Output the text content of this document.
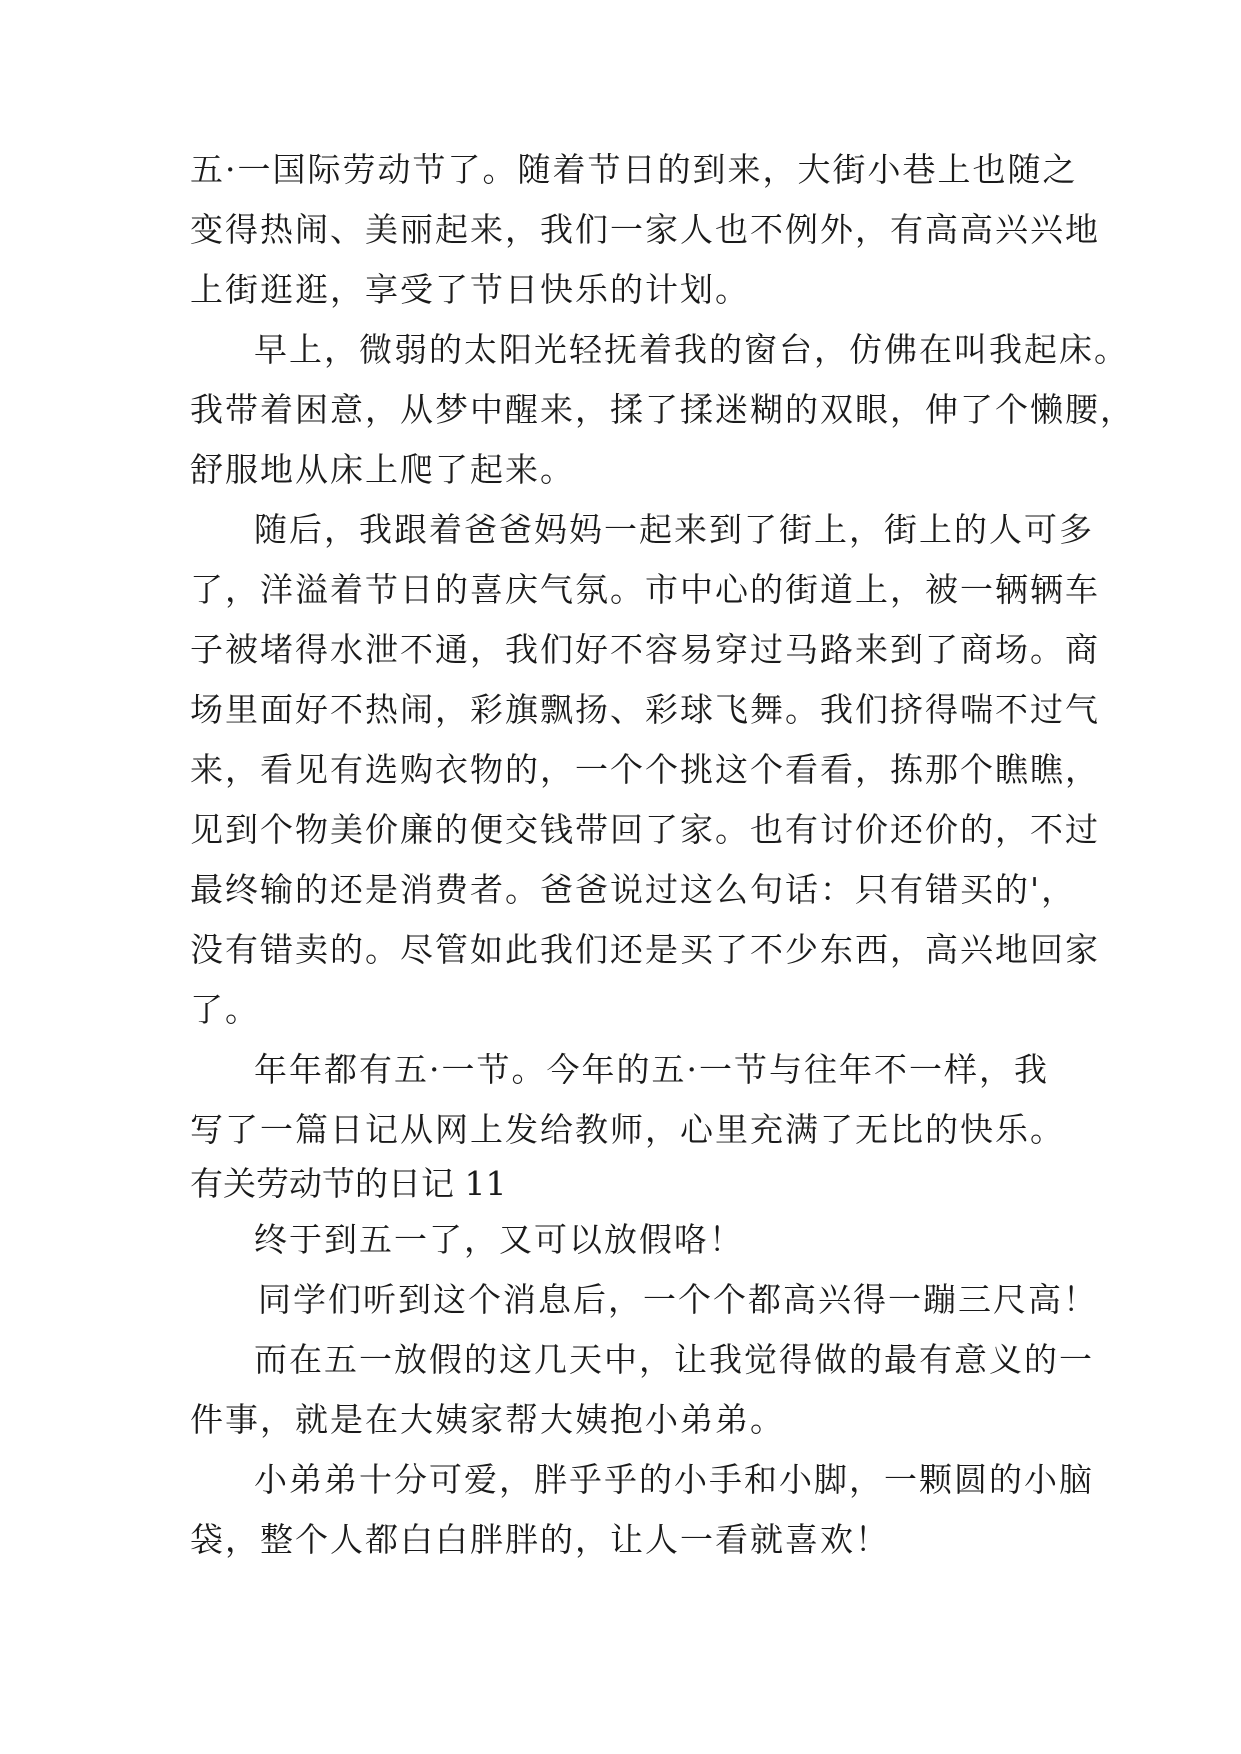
五·一国际劳动节了。随着节日的到来，大街小巷上也随之

变得热闹、美丽起来，我们一家人也不例外，有高高兴兴地

上街逛逛，享受了节日快乐的计划。

早上，微弱的太阳光轻抚着我的窗台，仿佛在叫我起床。

我带着困意，从梦中醒来，揉了揉迷糊的双眼，伸了个懒腰，

舒服地从床上爬了起来。

随后，我跟着爸爸妈妈一起来到了街上，街上的人可多

了，洋溢着节日的喜庆气氛。市中心的街道上，被一辆辆车

子被堵得水泄不通，我们好不容易穿过马路来到了商场。商

场里面好不热闹，彩旗飘扬、彩球飞舞。我们挤得喘不过气

来，看见有选购衣物的，一个个挑这个看看，拣那个瞧瞧，

见到个物美价廉的便交钱带回了家。也有讨价还价的，不过

最终输的还是消费者。爸爸说过这么句话：只有错买的'，

没有错卖的。尽管如此我们还是买了不少东西，高兴地回家

了。

年年都有五·一节。今年的五·一节与往年不一样，我

写了一篇日记从网上发给教师，心里充满了无比的快乐。

有关劳动节的日记 11

终于到五一了，又可以放假咯！

同学们听到这个消息后，一个个都高兴得一蹦三尺高！

而在五一放假的这几天中，让我觉得做的最有意义的一

件事，就是在大姨家帮大姨抱小弟弟。

小弟弟十分可爱，胖乎乎的小手和小脚，一颗圆的小脑

袋，整个人都白白胖胖的，让人一看就喜欢！
